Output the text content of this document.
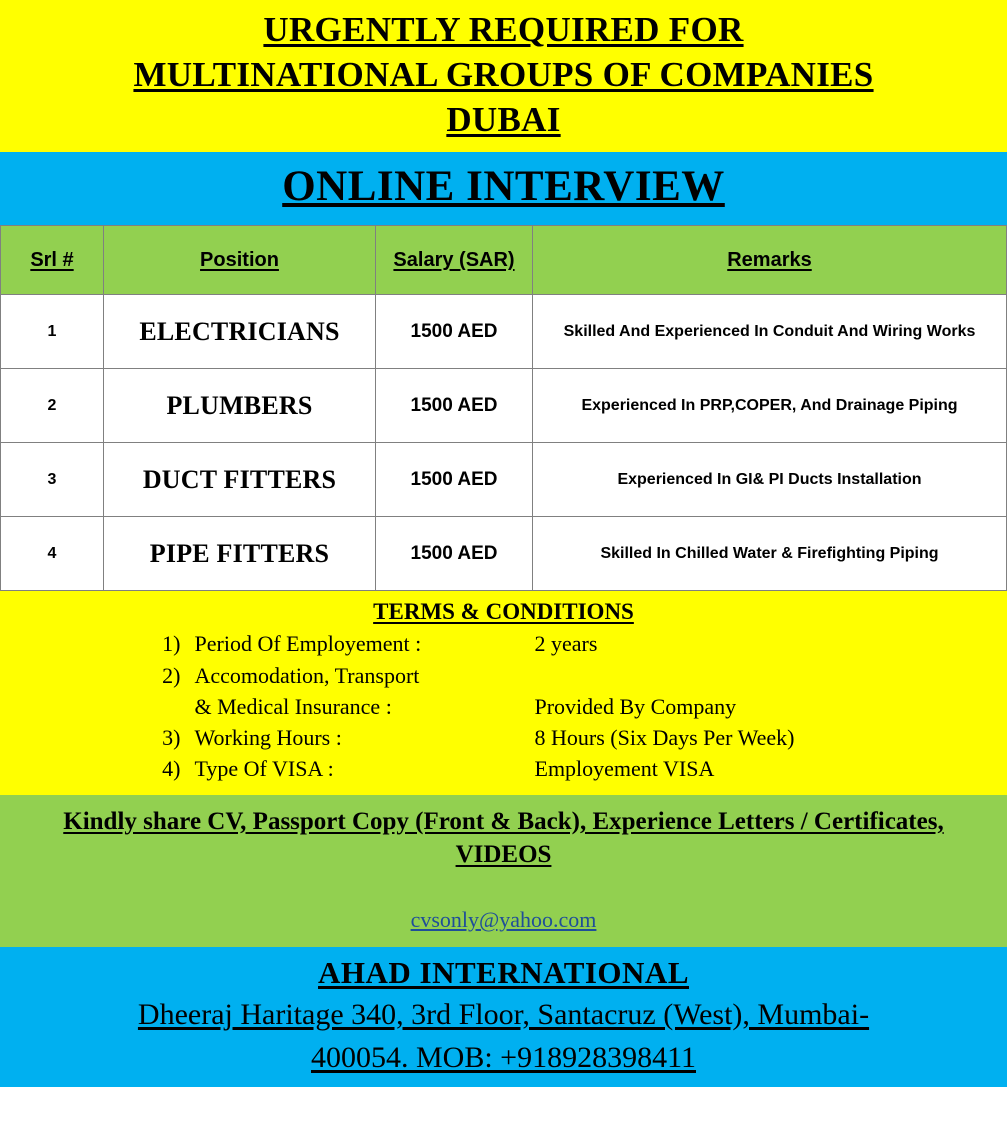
URGENTLY REQUIRED FOR
MULTINATIONAL GROUPS OF COMPANIES
DUBAI
ONLINE INTERVIEW
Srl #	Position	Salary (SAR)	Remarks
1	ELECTRICIANS	1500 AED	Skilled And Experienced In Conduit And Wiring Works
2	PLUMBERS	1500 AED	Experienced In PRP,COPER, And Drainage Piping
3	DUCT FITTERS	1500 AED	Experienced In GI& PI Ducts Installation
4	PIPE FITTERS	1500 AED	Skilled In Chilled Water & Firefighting Piping
TERMS & CONDITIONS
1) Period Of Employement :	2 years
2) Accomodation, Transport
& Medical Insurance :	Provided By Company
3) Working Hours :	8 Hours (Six Days Per Week)
4) Type Of VISA :	Employement VISA
Kindly share CV, Passport Copy (Front & Back), Experience Letters / Certificates,
VIDEOS
cvsonly@yahoo.com
AHAD INTERNATIONAL
Dheeraj Haritage 340, 3rd Floor, Santacruz (West), Mumbai-
400054. MOB: +918928398411
